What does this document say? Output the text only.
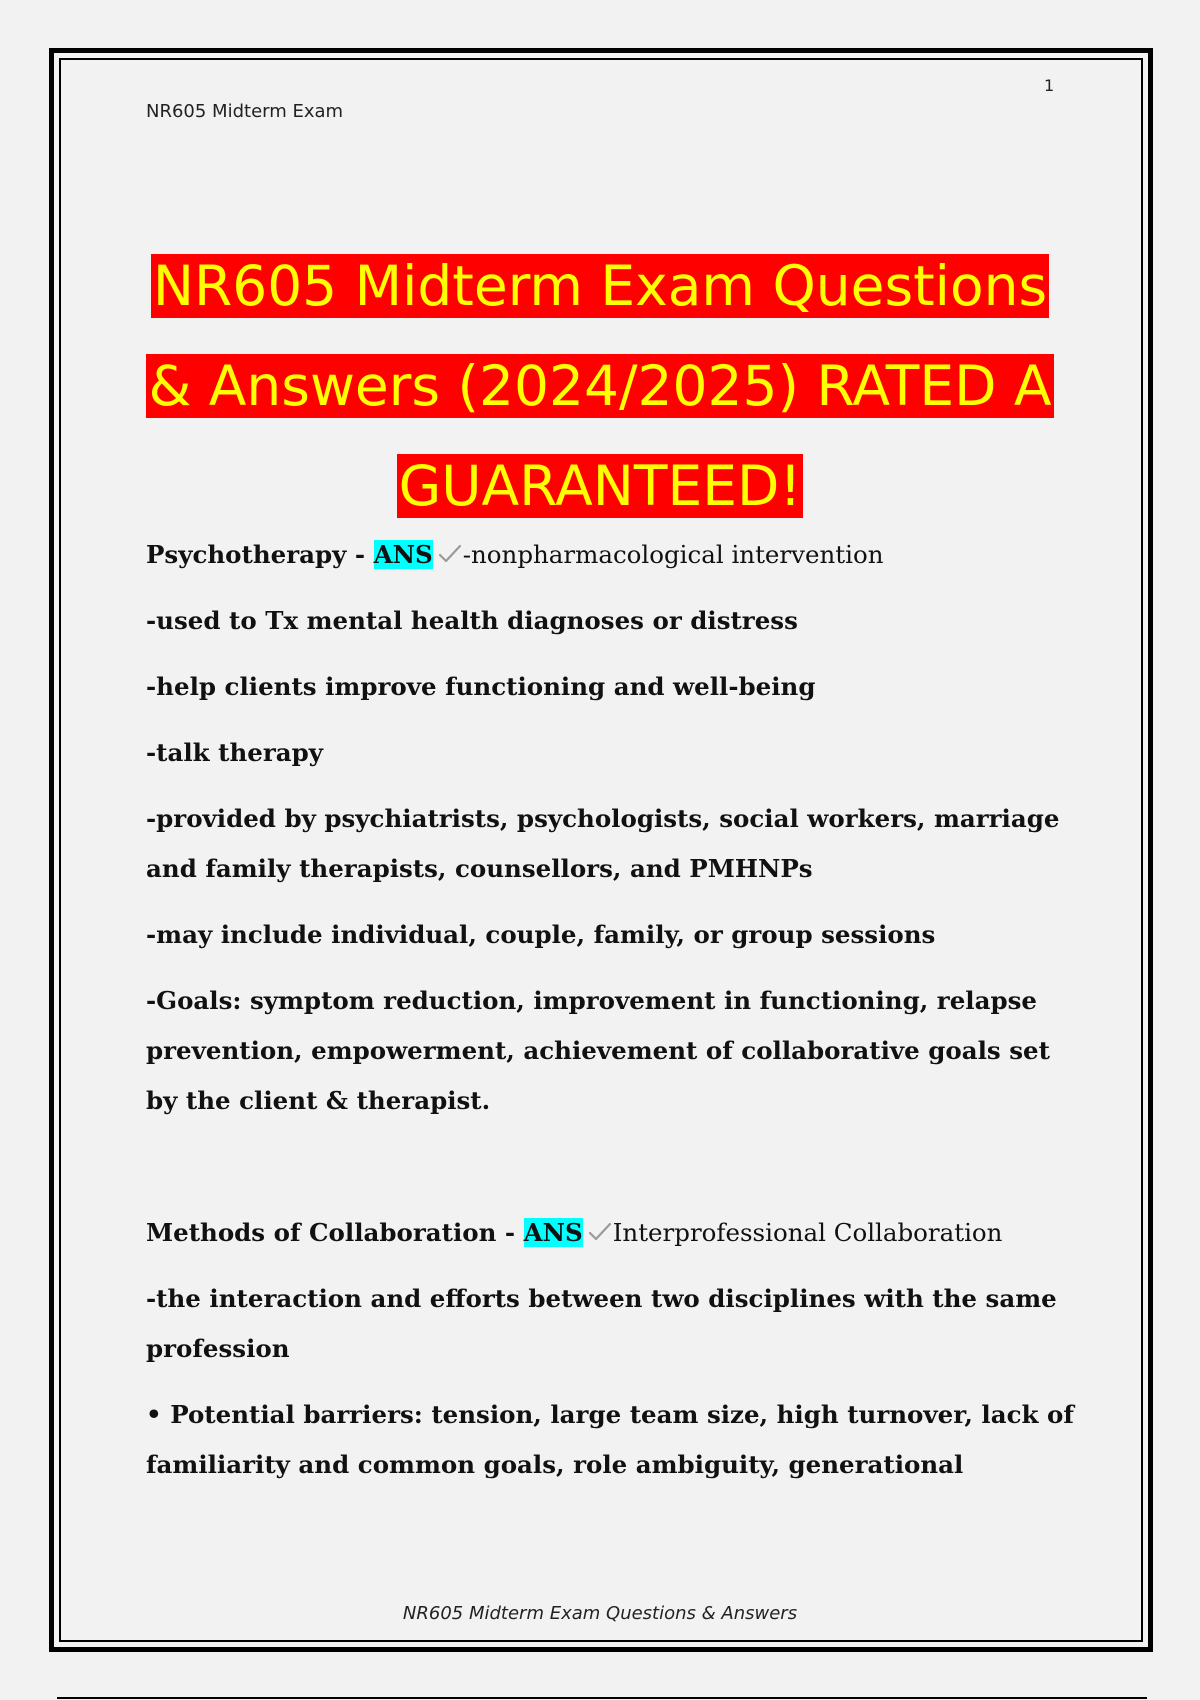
NR605 Midterm Exam
1
NR605 Midterm Exam Questions
& Answers (2024/2025) RATED A
GUARANTEED!

Psychotherapy - ANS -nonpharmacological intervention

-used to Tx mental health diagnoses or distress

-help clients improve functioning and well-being

-talk therapy

-provided by psychiatrists, psychologists, social workers, marriage and family therapists, counsellors, and PMHNPs

-may include individual, couple, family, or group sessions

-Goals: symptom reduction, improvement in functioning, relapse prevention, empowerment, achievement of collaborative goals set by the client & therapist.

Methods of Collaboration - ANS Interprofessional Collaboration

-the interaction and efforts between two disciplines with the same profession

• Potential barriers: tension, large team size, high turnover, lack of familiarity and common goals, role ambiguity, generational

NR605 Midterm Exam Questions & Answers
